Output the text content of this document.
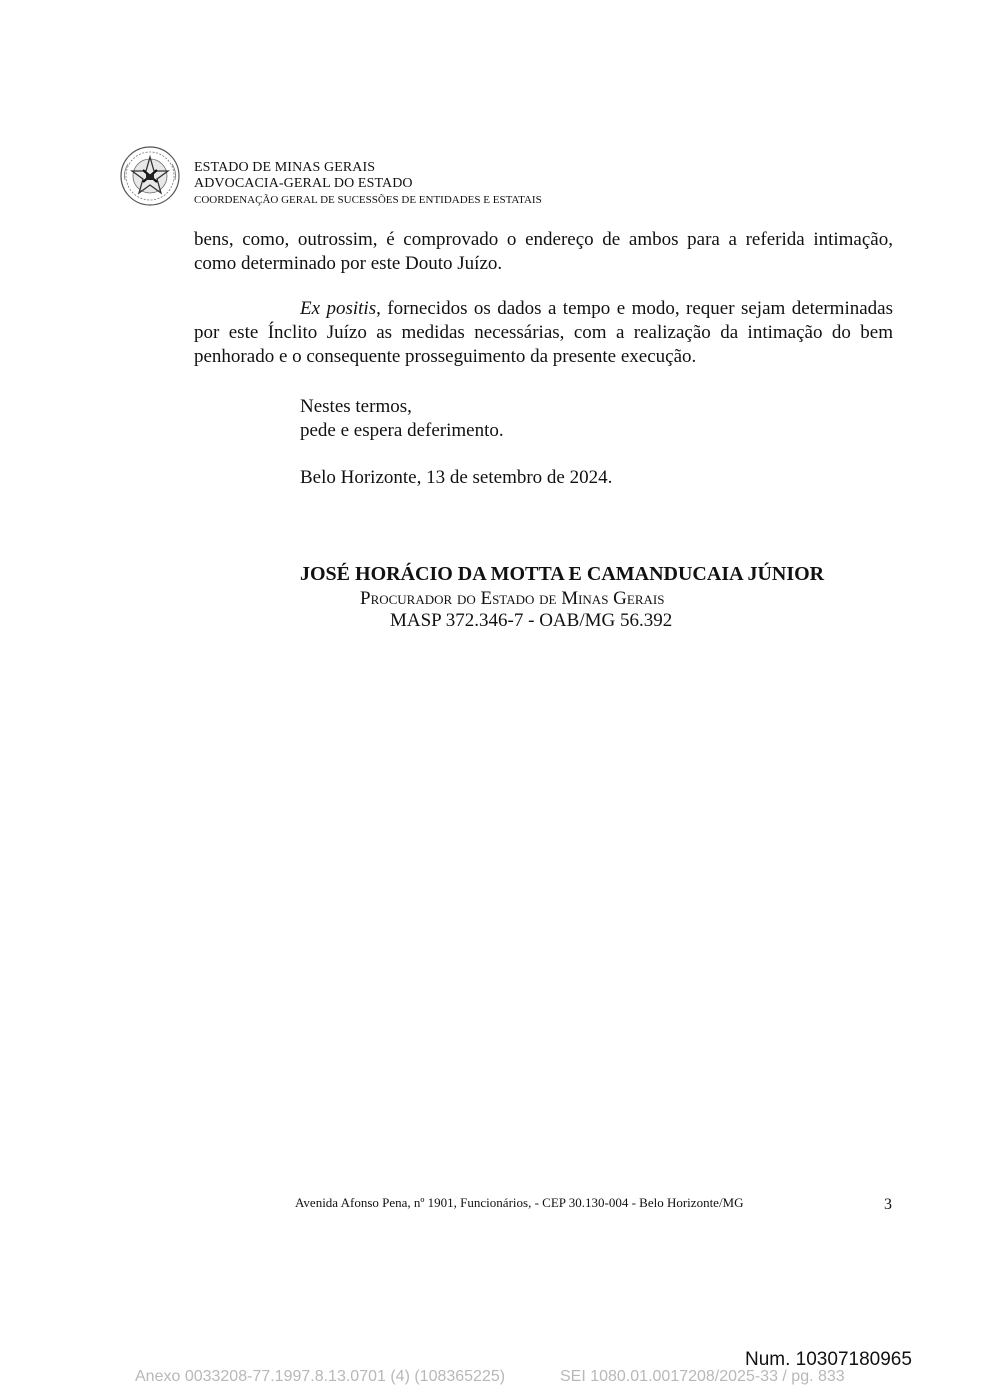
ESTADO DE MINAS GERAIS
ADVOCACIA-GERAL DO ESTADO
COORDENAÇÃO GERAL DE SUCESSÕES DE ENTIDADES E ESTATAIS
bens, como, outrossim, é comprovado o endereço de ambos para a referida intimação, como determinado por este Douto Juízo.
Ex positis, fornecidos os dados a tempo e modo, requer sejam determinadas por este Ínclito Juízo as medidas necessárias, com a realização da intimação do bem penhorado e o consequente prosseguimento da presente execução.
Nestes termos,
pede e espera deferimento.
Belo Horizonte, 13 de setembro de 2024.
JOSÉ HORÁCIO DA MOTTA E CAMANDUCAIA JÚNIOR
Procurador do Estado de Minas Gerais
MASP 372.346-7 - OAB/MG 56.392
Avenida Afonso Pena, nº 1901, Funcionários, - CEP 30.130-004 - Belo Horizonte/MG	3
Num. 10307180965
Anexo 0033208-77.1997.8.13.0701 (4) (108365225)	SEI 1080.01.0017208/2025-33 / pg. 833
